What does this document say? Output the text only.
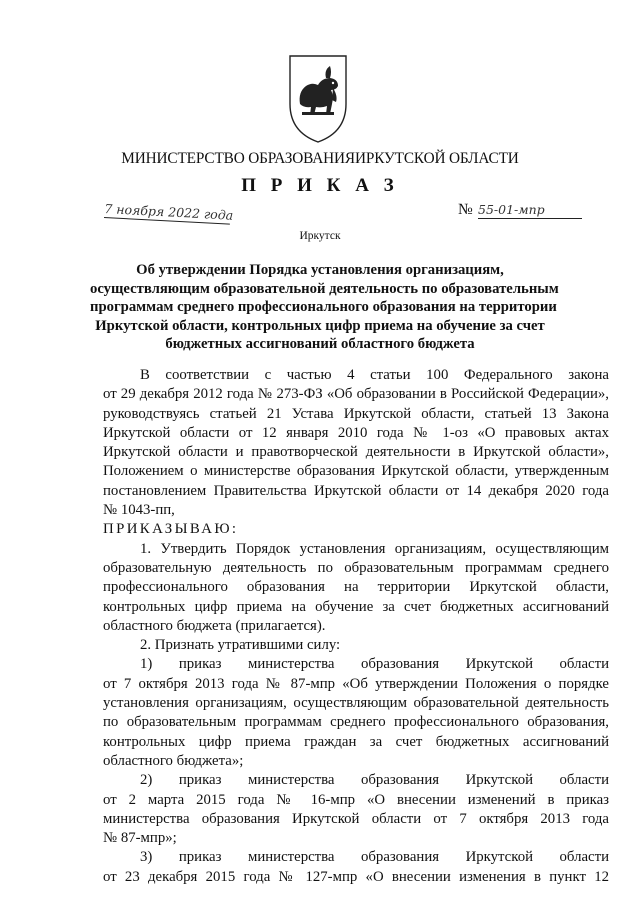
МИНИСТЕРСТВО ОБРАЗОВАНИЯИРКУТСКОЙ ОБЛАСТИ
П Р И К А З
7 ноября 2022 года	№ 55-01-мпр
Иркутск
Об утверждении Порядка установления организациям,
осуществляющим образовательной деятельность по образовательным
программам среднего профессионального образования на территории
Иркутской области, контрольных цифр приема на обучение за счет
бюджетных ассигнований областного бюджета
В соответствии с частью 4 статьи 100 Федерального закона
от 29 декабря 2012 года № 273-ФЗ «Об образовании в Российской Федерации»,
руководствуясь статьей 21 Устава Иркутской области, статьей 13 Закона
Иркутской области от 12 января 2010 года № 1-оз «О правовых актах
Иркутской области и правотворческой деятельности в Иркутской области»,
Положением о министерстве образования Иркутской области, утвержденным
постановлением Правительства Иркутской области от 14 декабря 2020 года
№ 1043-пп,
ПРИКАЗЫВАЮ:
1. Утвердить Порядок установления организациям, осуществляющим
образовательную деятельность по образовательным программам среднего
профессионального образования на территории Иркутской области,
контрольных цифр приема на обучение за счет бюджетных ассигнований
областного бюджета (прилагается).
2. Признать утратившими силу:
1) приказ министерства образования Иркутской области
от 7 октября 2013 года № 87-мпр «Об утверждении Положения о порядке
установления организациям, осуществляющим образовательной деятельность
по образовательным программам среднего профессионального образования,
контрольных цифр приема граждан за счет бюджетных ассигнований
областного бюджета»;
2) приказ министерства образования Иркутской области
от 2 марта 2015 года № 16-мпр «О внесении изменений в приказ
министерства образования Иркутской области от 7 октября 2013 года
№ 87-мпр»;
3) приказ министерства образования Иркутской области
от 23 декабря 2015 года № 127-мпр «О внесении изменения в пункт 12
